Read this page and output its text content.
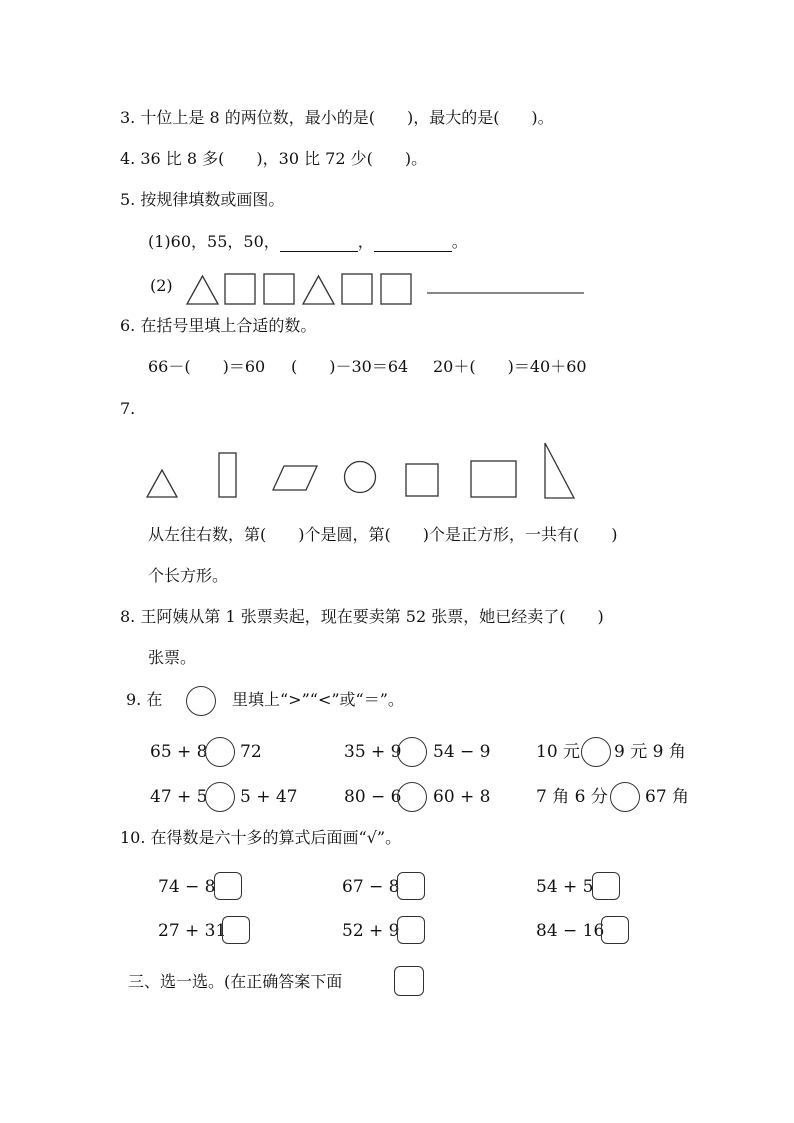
3. 十位上是 8 的两位数，最小的是(　　)，最大的是(　　)。
4. 36 比 8 多(　　)，30 比 72 少(　　)。
5. 按规律填数或画图。
(1)60，55，50，	，	。
(2)
6. 在括号里填上合适的数。
66－(　　)＝60 (　　)－30＝64 20＋(　　)＝40＋60
7.
从左往右数，第(　　)个是圆，第(　　)个是正方形，一共有(　　)
个长方形。
8. 王阿姨从第 1 张票卖起，现在要卖第 52 张票，她已经卖了(　　)
张票。
9. 在	里填上“>”“<”或“＝”。
65 + 8 72	35 + 9 54 − 9	10 元 9 元 9 角
47 + 5 5 + 47	80 − 6 60 + 8	7 角 6 分 67 角
10. 在得数是六十多的算式后面画“√”。
74 − 8	67 − 8	54 + 5
27 + 31	52 + 9	84 − 16
三、选一选。(在正确答案下面
